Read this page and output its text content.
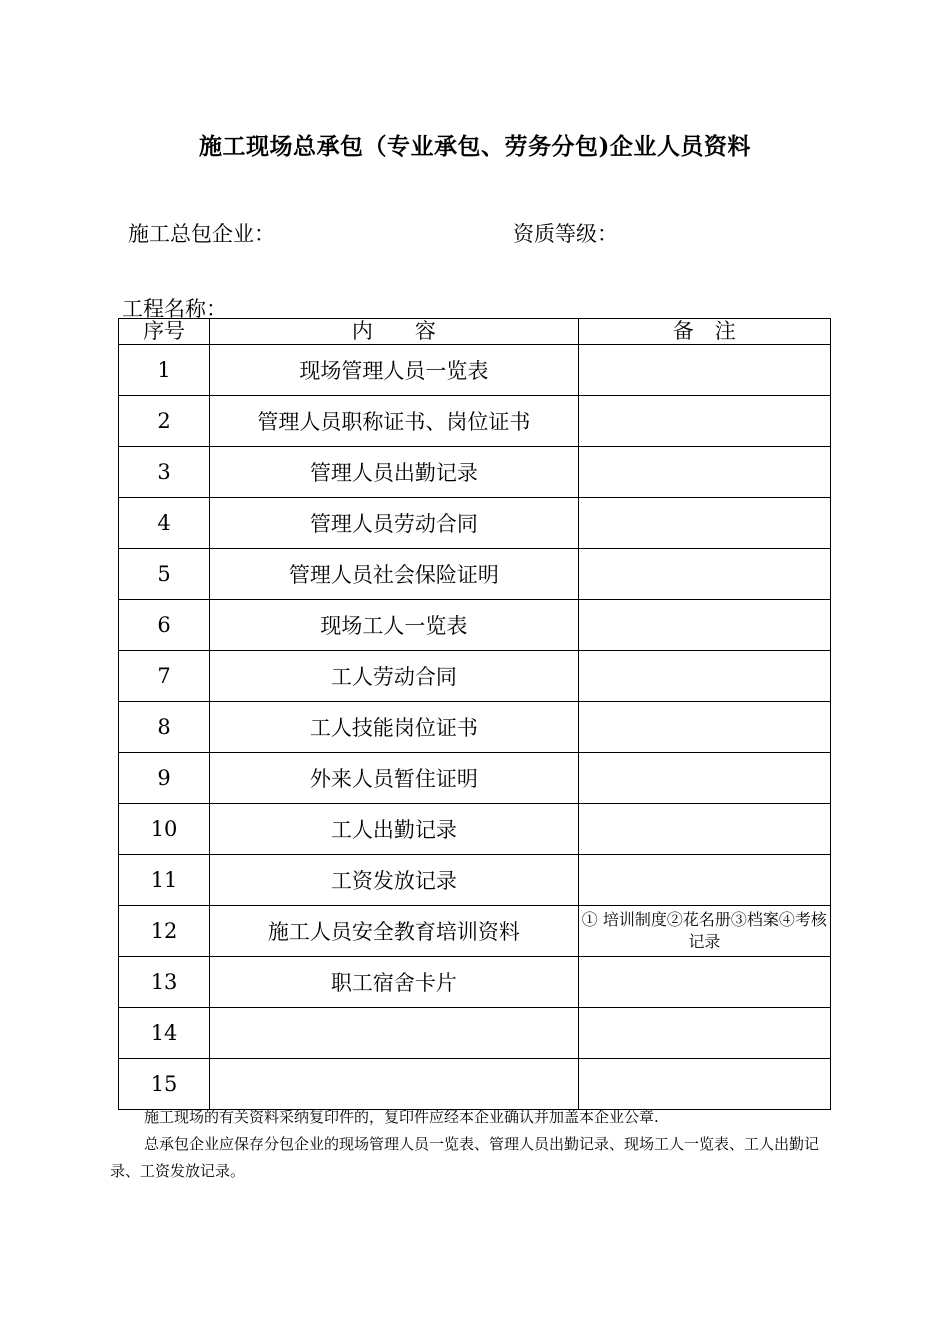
施工现场总承包（专业承包、劳务分包)企业人员资料
施工总包企业：	资质等级：
工程名称：
序号	内　　容	备　注
1	现场管理人员一览表	
2	管理人员职称证书、岗位证书	
3	管理人员出勤记录	
4	管理人员劳动合同	
5	管理人员社会保险证明	
6	现场工人一览表	
7	工人劳动合同	
8	工人技能岗位证书	
9	外来人员暂住证明	
10	工人出勤记录	
11	工资发放记录	
12	施工人员安全教育培训资料	① 培训制度②花名册③档案④考核记录
13	职工宿舍卡片	
14		
15		

施工现场的有关资料采纳复印件的，复印件应经本企业确认并加盖本企业公章.

总承包企业应保存分包企业的现场管理人员一览表、管理人员出勤记录、现场工人一览表、工人出勤记录、工资发放记录。
